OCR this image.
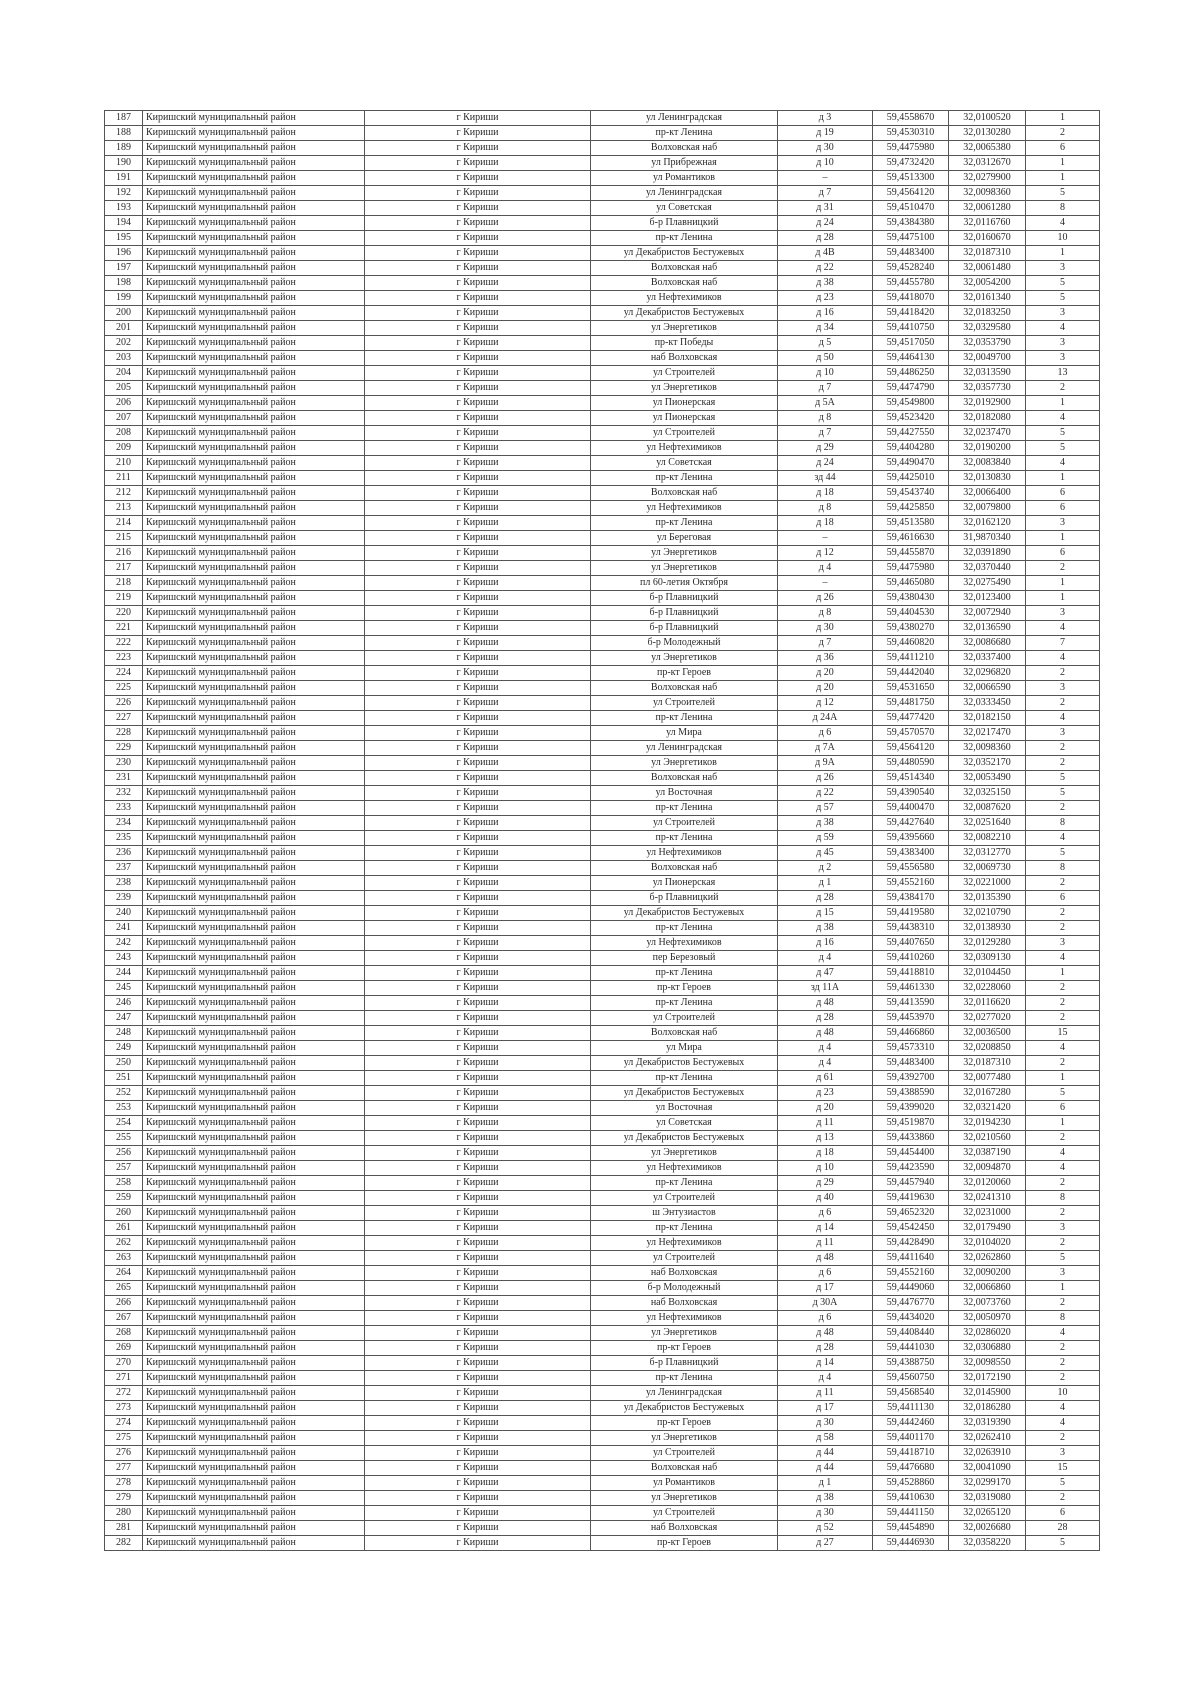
187	Киришский муниципальный район	г Кириши	ул Ленинградская	д 3	59,4558670	32,0100520	1
188	Киришский муниципальный район	г Кириши	пр-кт Ленина	д 19	59,4530310	32,0130280	2
189	Киришский муниципальный район	г Кириши	Волховская наб	д 30	59,4475980	32,0065380	6
190	Киришский муниципальный район	г Кириши	ул Прибрежная	д 10	59,4732420	32,0312670	1
191	Киришский муниципальный район	г Кириши	ул Романтиков	–	59,4513300	32,0279900	1
192	Киришский муниципальный район	г Кириши	ул Ленинградская	д 7	59,4564120	32,0098360	5
193	Киришский муниципальный район	г Кириши	ул Советская	д 31	59,4510470	32,0061280	8
194	Киришский муниципальный район	г Кириши	б-р Плавницкий	д 24	59,4384380	32,0116760	4
195	Киришский муниципальный район	г Кириши	пр-кт Ленина	д 28	59,4475100	32,0160670	10
196	Киришский муниципальный район	г Кириши	ул Декабристов Бестужевых	д 4В	59,4483400	32,0187310	1
197	Киришский муниципальный район	г Кириши	Волховская наб	д 22	59,4528240	32,0061480	3
198	Киришский муниципальный район	г Кириши	Волховская наб	д 38	59,4455780	32,0054200	5
199	Киришский муниципальный район	г Кириши	ул Нефтехимиков	д 23	59,4418070	32,0161340	5
200	Киришский муниципальный район	г Кириши	ул Декабристов Бестужевых	д 16	59,4418420	32,0183250	3
201	Киришский муниципальный район	г Кириши	ул Энергетиков	д 34	59,4410750	32,0329580	4
202	Киришский муниципальный район	г Кириши	пр-кт Победы	д 5	59,4517050	32,0353790	3
203	Киришский муниципальный район	г Кириши	наб Волховская	д 50	59,4464130	32,0049700	3
204	Киришский муниципальный район	г Кириши	ул Строителей	д 10	59,4486250	32,0313590	13
205	Киришский муниципальный район	г Кириши	ул Энергетиков	д 7	59,4474790	32,0357730	2
206	Киришский муниципальный район	г Кириши	ул Пионерская	д 5А	59,4549800	32,0192900	1
207	Киришский муниципальный район	г Кириши	ул Пионерская	д 8	59,4523420	32,0182080	4
208	Киришский муниципальный район	г Кириши	ул Строителей	д 7	59,4427550	32,0237470	5
209	Киришский муниципальный район	г Кириши	ул Нефтехимиков	д 29	59,4404280	32,0190200	5
210	Киришский муниципальный район	г Кириши	ул Советская	д 24	59,4490470	32,0083840	4
211	Киришский муниципальный район	г Кириши	пр-кт Ленина	зд 44	59,4425010	32,0130830	1
212	Киришский муниципальный район	г Кириши	Волховская наб	д 18	59,4543740	32,0066400	6
213	Киришский муниципальный район	г Кириши	ул Нефтехимиков	д 8	59,4425850	32,0079800	6
214	Киришский муниципальный район	г Кириши	пр-кт Ленина	д 18	59,4513580	32,0162120	3
215	Киришский муниципальный район	г Кириши	ул Береговая	–	59,4616630	31,9870340	1
216	Киришский муниципальный район	г Кириши	ул Энергетиков	д 12	59,4455870	32,0391890	6
217	Киришский муниципальный район	г Кириши	ул Энергетиков	д 4	59,4475980	32,0370440	2
218	Киришский муниципальный район	г Кириши	пл 60-летия Октября	–	59,4465080	32,0275490	1
219	Киришский муниципальный район	г Кириши	б-р Плавницкий	д 26	59,4380430	32,0123400	1
220	Киришский муниципальный район	г Кириши	б-р Плавницкий	д 8	59,4404530	32,0072940	3
221	Киришский муниципальный район	г Кириши	б-р Плавницкий	д 30	59,4380270	32,0136590	4
222	Киришский муниципальный район	г Кириши	б-р Молодежный	д 7	59,4460820	32,0086680	7
223	Киришский муниципальный район	г Кириши	ул Энергетиков	д 36	59,4411210	32,0337400	4
224	Киришский муниципальный район	г Кириши	пр-кт Героев	д 20	59,4442040	32,0296820	2
225	Киришский муниципальный район	г Кириши	Волховская наб	д 20	59,4531650	32,0066590	3
226	Киришский муниципальный район	г Кириши	ул Строителей	д 12	59,4481750	32,0333450	2
227	Киришский муниципальный район	г Кириши	пр-кт Ленина	д 24А	59,4477420	32,0182150	4
228	Киришский муниципальный район	г Кириши	ул Мира	д 6	59,4570570	32,0217470	3
229	Киришский муниципальный район	г Кириши	ул Ленинградская	д 7А	59,4564120	32,0098360	2
230	Киришский муниципальный район	г Кириши	ул Энергетиков	д 9А	59,4480590	32,0352170	2
231	Киришский муниципальный район	г Кириши	Волховская наб	д 26	59,4514340	32,0053490	5
232	Киришский муниципальный район	г Кириши	ул Восточная	д 22	59,4390540	32,0325150	5
233	Киришский муниципальный район	г Кириши	пр-кт Ленина	д 57	59,4400470	32,0087620	2
234	Киришский муниципальный район	г Кириши	ул Строителей	д 38	59,4427640	32,0251640	8
235	Киришский муниципальный район	г Кириши	пр-кт Ленина	д 59	59,4395660	32,0082210	4
236	Киришский муниципальный район	г Кириши	ул Нефтехимиков	д 45	59,4383400	32,0312770	5
237	Киришский муниципальный район	г Кириши	Волховская наб	д 2	59,4556580	32,0069730	8
238	Киришский муниципальный район	г Кириши	ул Пионерская	д 1	59,4552160	32,0221000	2
239	Киришский муниципальный район	г Кириши	б-р Плавницкий	д 28	59,4384170	32,0135390	6
240	Киришский муниципальный район	г Кириши	ул Декабристов Бестужевых	д 15	59,4419580	32,0210790	2
241	Киришский муниципальный район	г Кириши	пр-кт Ленина	д 38	59,4438310	32,0138930	2
242	Киришский муниципальный район	г Кириши	ул Нефтехимиков	д 16	59,4407650	32,0129280	3
243	Киришский муниципальный район	г Кириши	пер Березовый	д 4	59,4410260	32,0309130	4
244	Киришский муниципальный район	г Кириши	пр-кт Ленина	д 47	59,4418810	32,0104450	1
245	Киришский муниципальный район	г Кириши	пр-кт Героев	зд 11А	59,4461330	32,0228060	2
246	Киришский муниципальный район	г Кириши	пр-кт Ленина	д 48	59,4413590	32,0116620	2
247	Киришский муниципальный район	г Кириши	ул Строителей	д 28	59,4453970	32,0277020	2
248	Киришский муниципальный район	г Кириши	Волховская наб	д 48	59,4466860	32,0036500	15
249	Киришский муниципальный район	г Кириши	ул Мира	д 4	59,4573310	32,0208850	4
250	Киришский муниципальный район	г Кириши	ул Декабристов Бестужевых	д 4	59,4483400	32,0187310	2
251	Киришский муниципальный район	г Кириши	пр-кт Ленина	д 61	59,4392700	32,0077480	1
252	Киришский муниципальный район	г Кириши	ул Декабристов Бестужевых	д 23	59,4388590	32,0167280	5
253	Киришский муниципальный район	г Кириши	ул Восточная	д 20	59,4399020	32,0321420	6
254	Киришский муниципальный район	г Кириши	ул Советская	д 11	59,4519870	32,0194230	1
255	Киришский муниципальный район	г Кириши	ул Декабристов Бестужевых	д 13	59,4433860	32,0210560	2
256	Киришский муниципальный район	г Кириши	ул Энергетиков	д 18	59,4454400	32,0387190	4
257	Киришский муниципальный район	г Кириши	ул Нефтехимиков	д 10	59,4423590	32,0094870	4
258	Киришский муниципальный район	г Кириши	пр-кт Ленина	д 29	59,4457940	32,0120060	2
259	Киришский муниципальный район	г Кириши	ул Строителей	д 40	59,4419630	32,0241310	8
260	Киришский муниципальный район	г Кириши	ш Энтузиастов	д 6	59,4652320	32,0231000	2
261	Киришский муниципальный район	г Кириши	пр-кт Ленина	д 14	59,4542450	32,0179490	3
262	Киришский муниципальный район	г Кириши	ул Нефтехимиков	д 11	59,4428490	32,0104020	2
263	Киришский муниципальный район	г Кириши	ул Строителей	д 48	59,4411640	32,0262860	5
264	Киришский муниципальный район	г Кириши	наб Волховская	д 6	59,4552160	32,0090200	3
265	Киришский муниципальный район	г Кириши	б-р Молодежный	д 17	59,4449060	32,0066860	1
266	Киришский муниципальный район	г Кириши	наб Волховская	д 30А	59,4476770	32,0073760	2
267	Киришский муниципальный район	г Кириши	ул Нефтехимиков	д 6	59,4434020	32,0050970	8
268	Киришский муниципальный район	г Кириши	ул Энергетиков	д 48	59,4408440	32,0286020	4
269	Киришский муниципальный район	г Кириши	пр-кт Героев	д 28	59,4441030	32,0306880	2
270	Киришский муниципальный район	г Кириши	б-р Плавницкий	д 14	59,4388750	32,0098550	2
271	Киришский муниципальный район	г Кириши	пр-кт Ленина	д 4	59,4560750	32,0172190	2
272	Киришский муниципальный район	г Кириши	ул Ленинградская	д 11	59,4568540	32,0145900	10
273	Киришский муниципальный район	г Кириши	ул Декабристов Бестужевых	д 17	59,4411130	32,0186280	4
274	Киришский муниципальный район	г Кириши	пр-кт Героев	д 30	59,4442460	32,0319390	4
275	Киришский муниципальный район	г Кириши	ул Энергетиков	д 58	59,4401170	32,0262410	2
276	Киришский муниципальный район	г Кириши	ул Строителей	д 44	59,4418710	32,0263910	3
277	Киришский муниципальный район	г Кириши	Волховская наб	д 44	59,4476680	32,0041090	15
278	Киришский муниципальный район	г Кириши	ул Романтиков	д 1	59,4528860	32,0299170	5
279	Киришский муниципальный район	г Кириши	ул Энергетиков	д 38	59,4410630	32,0319080	2
280	Киришский муниципальный район	г Кириши	ул Строителей	д 30	59,4441150	32,0265120	6
281	Киришский муниципальный район	г Кириши	наб Волховская	д 52	59,4454890	32,0026680	28
282	Киришский муниципальный район	г Кириши	пр-кт Героев	д 27	59,4446930	32,0358220	5
